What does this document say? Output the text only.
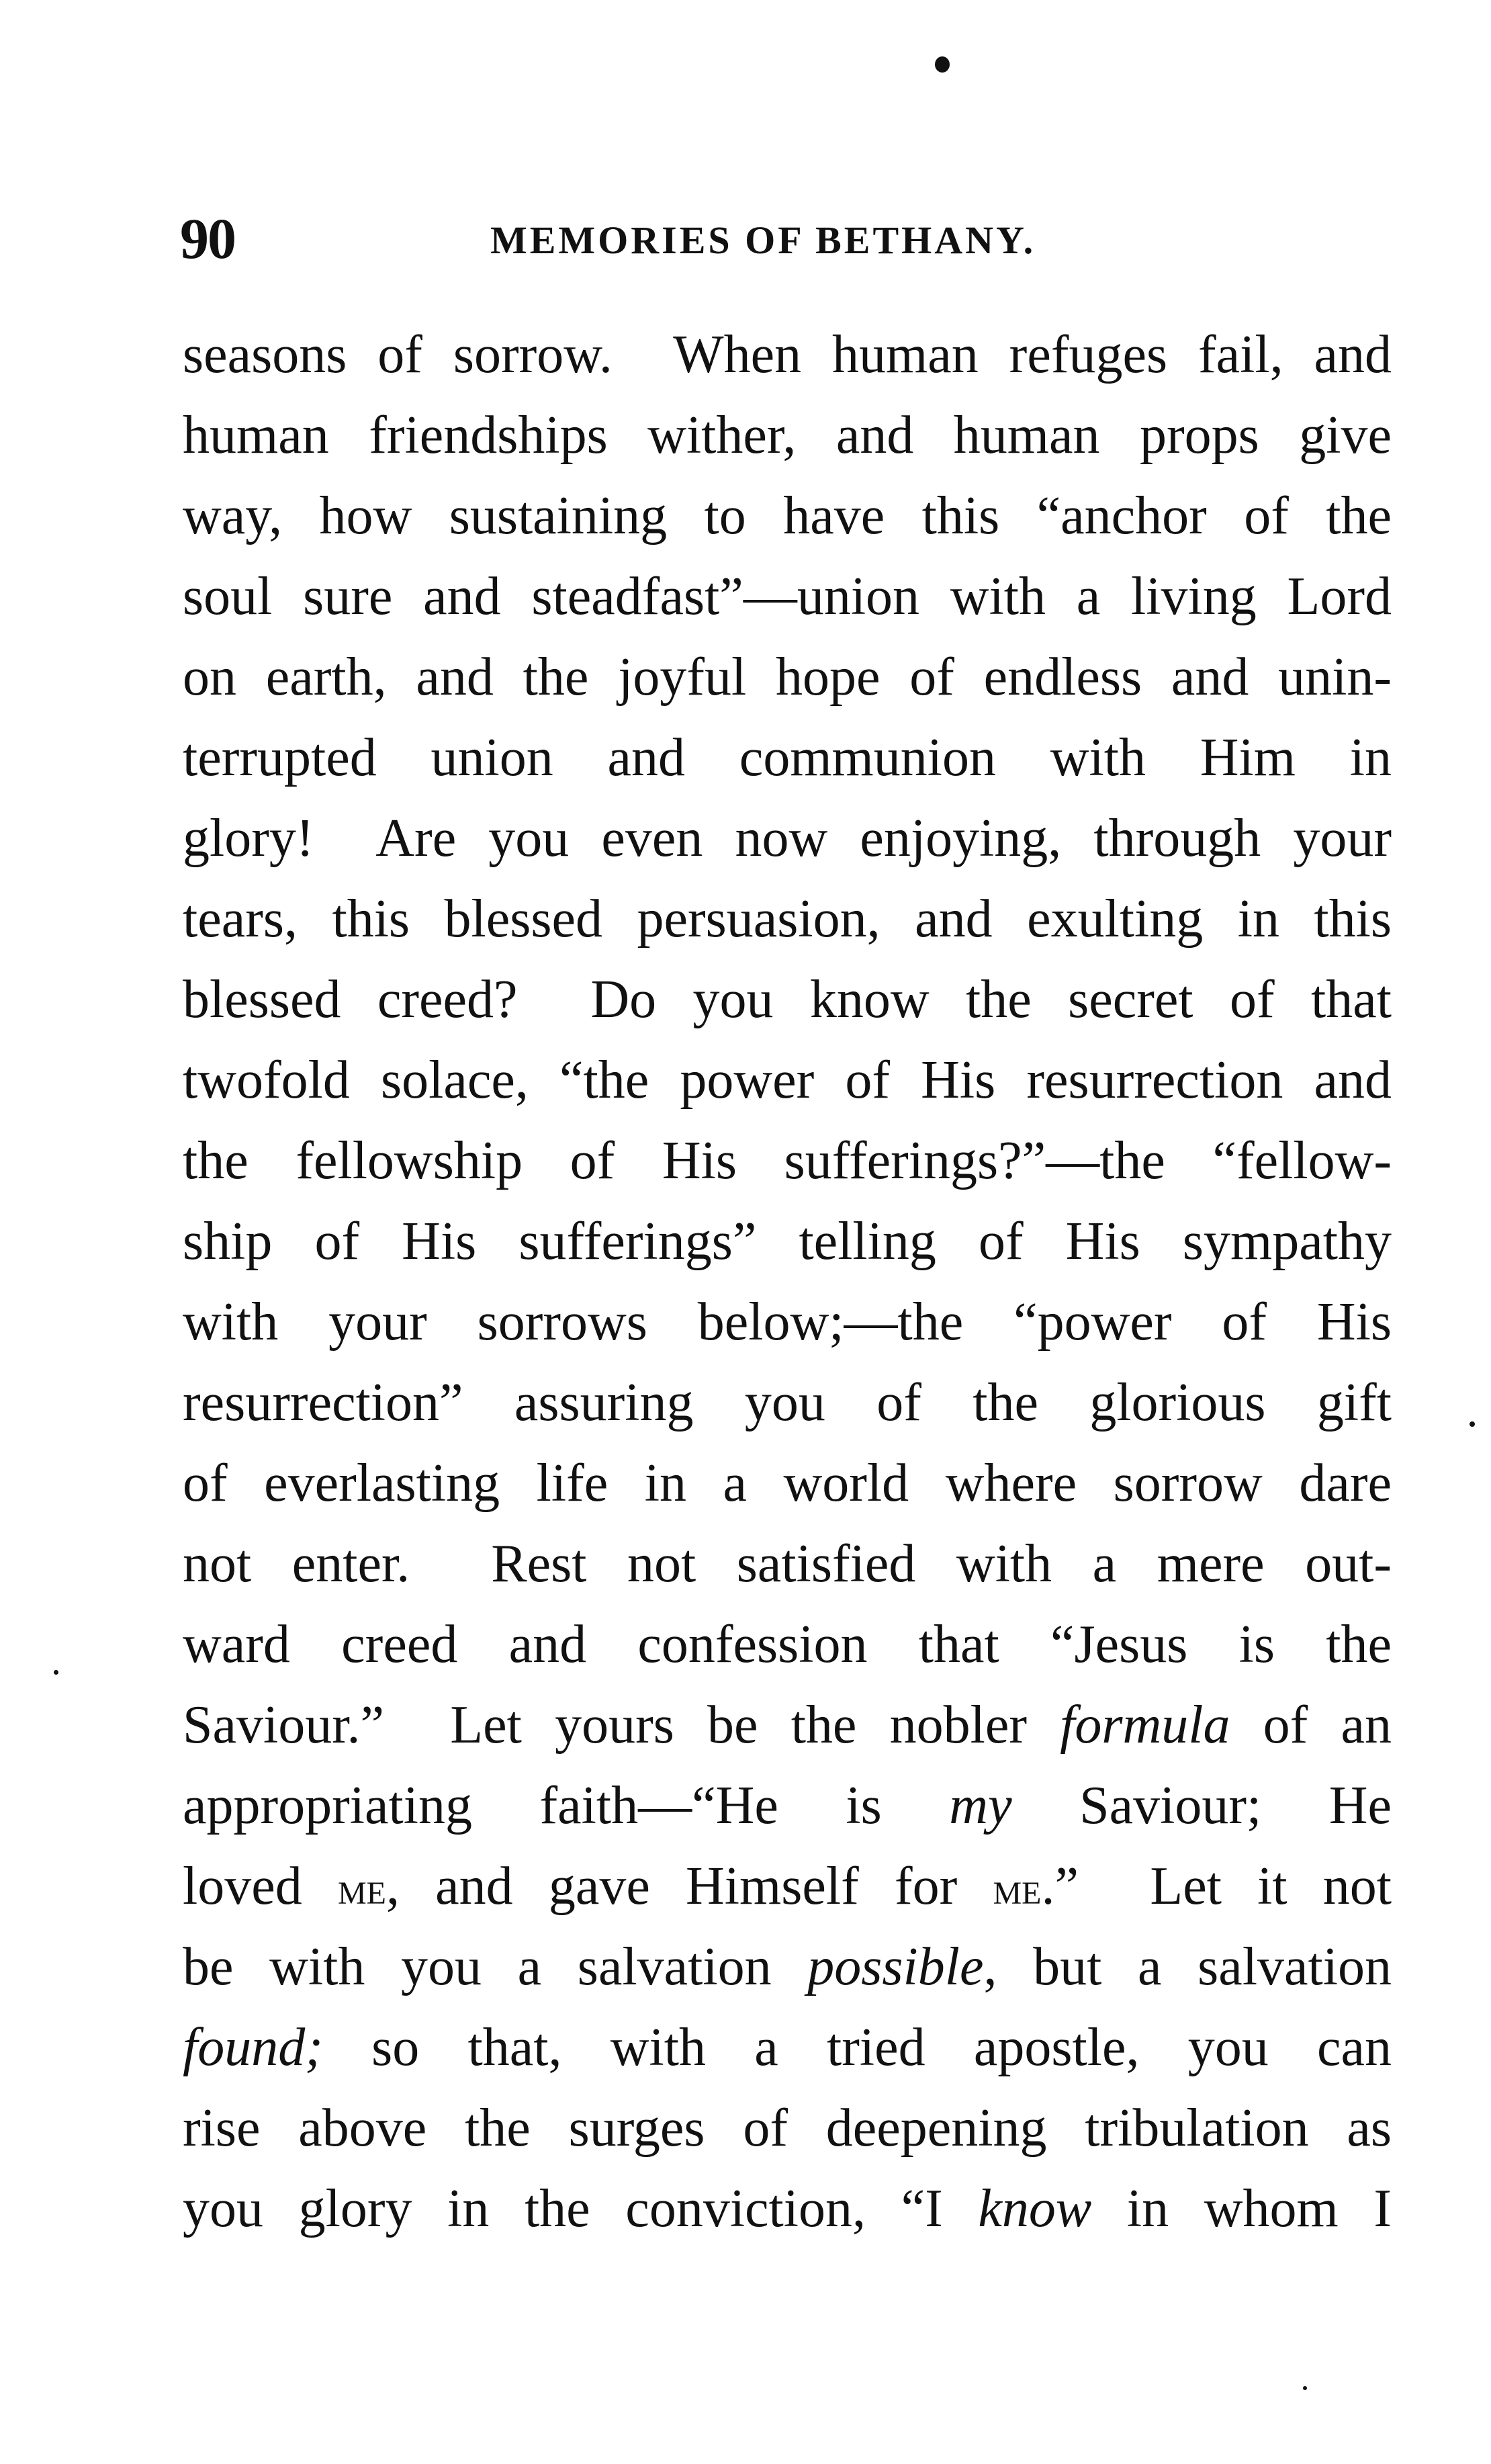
90	MEMORIES OF BETHANY.
seasons of sorrow.  When human refuges fail, and
human friendships wither, and human props give
way, how sustaining to have this “anchor of the
soul sure and steadfast”—union with a living Lord
on earth, and the joyful hope of endless and unin-
terrupted union and communion with Him in
glory!  Are you even now enjoying, through your
tears, this blessed persuasion, and exulting in this
blessed creed?  Do you know the secret of that
twofold solace, “the power of His resurrection and
the fellowship of His sufferings?”—the “fellow-
ship of His sufferings” telling of His sympathy
with your sorrows below;—the “power of His
resurrection” assuring you of the glorious gift
of everlasting life in a world where sorrow dare
not enter.  Rest not satisfied with a mere out-
ward creed and confession that “Jesus is the
Saviour.”  Let yours be the nobler formula of an
appropriating faith—“He is my Saviour; He
loved me, and gave Himself for me.”  Let it not
be with you a salvation possible, but a salvation
found; so that, with a tried apostle, you can
rise above the surges of deepening tribulation as
you glory in the conviction, “I know in whom I
